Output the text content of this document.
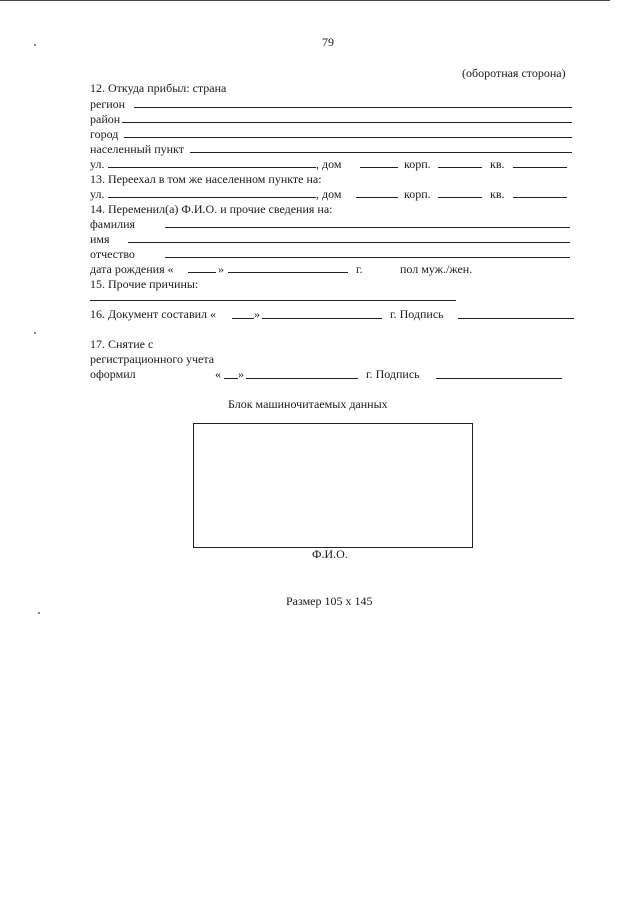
79
(оборотная сторона)
12. Откуда прибыл: страна
регион
район
город
населенный пункт
ул.	, дом	корп.	кв.
13. Переехал в том же населенном пункте на:
ул.	, дом	корп.	кв.
14. Переменил(а) Ф.И.О. и прочие сведения на:
фамилия
имя
отчество
дата рождения «	»	г.	пол муж./жен.
15. Прочие причины:
16. Документ составил «	»	г. Подпись
17. Снятие с
регистрационного учета
оформил	« »	г. Подпись
Блок машиночитаемых данных
Ф.И.О.
Размер 105 х 145
